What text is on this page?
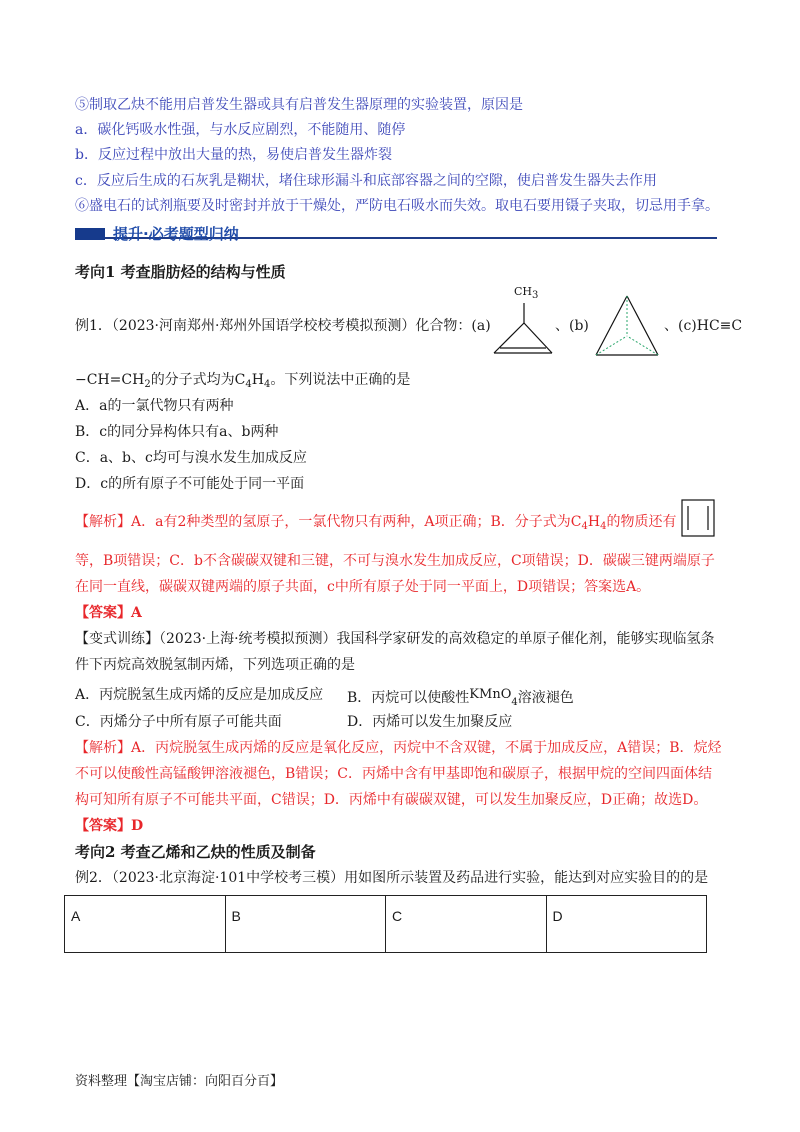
⑤制取乙炔不能用启普发生器或具有启普发生器原理的实验装置，原因是
a．碳化钙吸水性强，与水反应剧烈，不能随用、随停
b．反应过程中放出大量的热，易使启普发生器炸裂
c．反应后生成的石灰乳是糊状，堵住球形漏斗和底部容器之间的空隙，使启普发生器失去作用
⑥盛电石的试剂瓶要及时密封并放于干燥处，严防电石吸水而失效。取电石要用镊子夹取，切忌用手拿。
提升·必考题型归纳
考向1 考查脂肪烃的结构与性质
例1．（2023·河南郑州·郑州外国语学校校考模拟预测）化合物：(a)
CH3
、(b)	、(c)HC≡C
$-CH=CH_2$的分子式均为$C_4H_4$。下列说法中正确的是
A．a的一氯代物只有两种
B．c的同分异构体只有a、b两种
C．a、b、c均可与溴水发生加成反应
D．c的所有原子不可能处于同一平面
【解析】A．a有2种类型的氢原子，一氯代物只有两种，A项正确；B．分子式为$C_4H_4$的物质还有
等，B项错误；C．b不含碳碳双键和三键，不可与溴水发生加成反应，C项错误；D．碳碳三键两端原子
在同一直线，碳碳双键两端的原子共面，c中所有原子处于同一平面上，D项错误；答案选A。
【答案】A
【变式训练】（2023·上海·统考模拟预测）我国科学家研发的高效稳定的单原子催化剂，能够实现临氢条
件下丙烷高效脱氢制丙烯，下列选项正确的是
A．丙烷脱氢生成丙烯的反应是加成反应 B．丙烷可以使酸性KMnO$_4$溶液褪色
C．丙烯分子中所有原子可能共面	D．丙烯可以发生加聚反应
【解析】A．丙烷脱氢生成丙烯的反应是氧化反应，丙烷中不含双键，不属于加成反应，A错误；B．烷烃
不可以使酸性高锰酸钾溶液褪色，B错误；C．丙烯中含有甲基即饱和碳原子，根据甲烷的空间四面体结
构可知所有原子不可能共平面，C错误；D．丙烯中有碳碳双键，可以发生加聚反应，D正确；故选D。
【答案】D
考向2 考查乙烯和乙炔的性质及制备
例2．（2023·北京海淀·101中学校考三模）用如图所示装置及药品进行实验，能达到对应实验目的的是
A	B	C	D
资料整理【淘宝店铺：向阳百分百】
